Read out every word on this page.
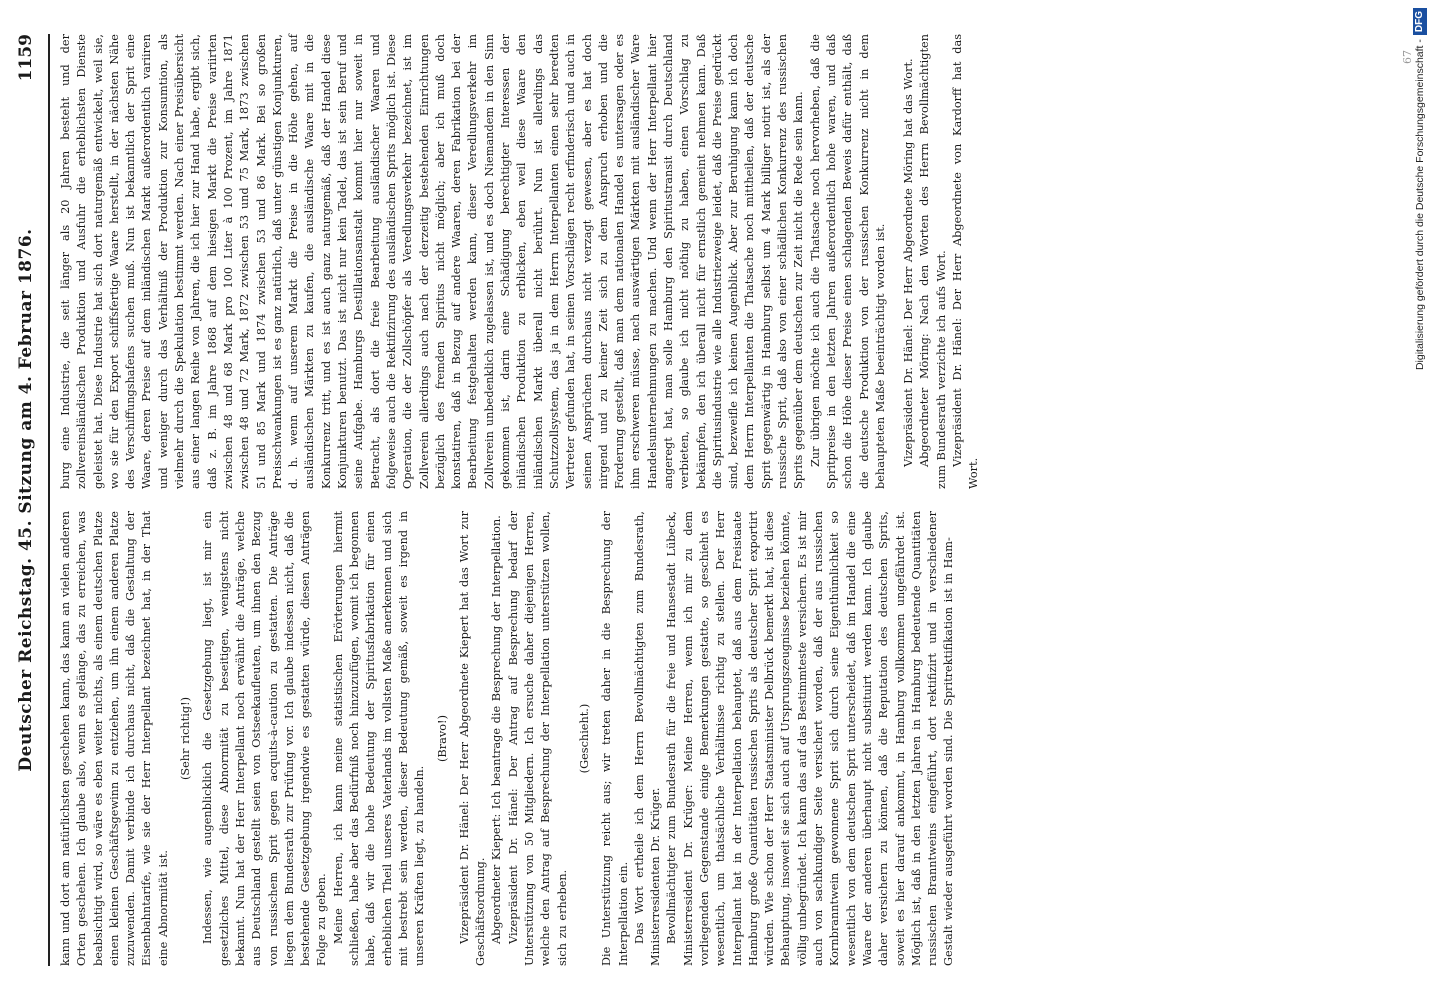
Deutscher Reichstag. 45. Sitzung am 4. Februar 1876.
1159

kann und dort am natürlichsten geschehen kann, das kann an vielen anderen Orten geschehen. Ich glaube also, wenn es gelänge, das zu erreichen, was beabsichtigt wird, so wäre es eben weiter nichts, als einem deutschen Platze einen kleinen Geschäftsgewinn zu entziehen, um ihn einem anderen Platze zuzuwenden. Damit verbinde ich durchaus nicht, daß die Gestaltung der Eisenbahntarife, wie sie der Herr Interpellant bezeichnet hat, in der That eine Abnormität ist.

(Sehr richtig!) Indessen, wie augenblicklich die Gesetzgebung liegt, ist mir ein gesetzliches Mittel, diese Abnormität zu beseitigen, wenigstens nicht bekannt. Nun hat der Herr Interpellant noch erwähnt die Anträge, welche aus Deutschland gestellt seien von Ostseekaufleuten, um ihnen den Bezug von russischem Sprit gegen acquits-à-caution zu gestatten. Die Anträge liegen dem Bundesrath zur Prüfung vor. Ich glaube indessen nicht, daß die bestehende Gesetzgebung irgendwie es gestatten würde, diesen Anträgen Folge zu geben. Meine Herren, ich kann meine statistischen Erörterungen hiermit schließen, habe aber das Bedürfniß noch hinzuzufügen, womit ich begonnen habe, daß wir die hohe Bedeutung der Spiritusfabrikation für einen erheblichen Theil unseres Vaterlands im vollsten Maße anerkennen und sich mit bestrebt sein werden, dieser Bedeutung gemäß, soweit es irgend in unseren Kräften liegt, zu handeln.

(Bravo!) Vizepräsident Dr. Hänel: Der Herr Abgeordnete Kiepert hat das Wort zur Geschäftsordnung. Abgeordneter Kiepert: Ich beantrage die Besprechung der Interpellation. Vizepräsident Dr. Hänel: Der Antrag auf Besprechung bedarf der Unterstützung von 50 Mitgliedern. Ich ersuche daher diejenigen Herren, welche den Antrag auf Besprechung der Interpellation unterstützen wollen, sich zu erheben.

(Geschieht.) Die Unterstützung reicht aus; wir treten daher in die Besprechung der Interpellation ein. Das Wort ertheile ich dem Herrn Bevollmächtigten zum Bundesrath, Ministerresidenten Dr. Krüger. Bevollmächtigter zum Bundesrath für die freie und Hansestadt Lübeck, Ministerresident Dr. Krüger: Meine Herren, wenn ich mir zu dem vorliegenden Gegenstande einige Bemerkungen gestatte, so geschieht es wesentlich, um thatsächliche Verhältnisse richtig zu stellen. Der Herr Interpellant hat in der Interpellation behauptet, daß aus dem Freistaate Hamburg große Quantitäten russischen Sprits als deutscher Sprit exportirt würden. Wie schon der Herr Staatsminister Delbrück bemerkt hat, ist diese Behauptung, insoweit sie sich auch auf Ursprungszeugnisse beziehen könnte, völlig unbegründet. Ich kann das auf das Bestimmteste versichern. Es ist mir auch von sachkundiger Seite versichert worden, daß der aus russischen Kornbranntwein gewonnene Sprit sich durch seine Eigenthümlichkeit so wesentlich von dem deutschen Sprit unterscheidet, daß im Handel die eine Waare der anderen überhaupt nicht substituirt werden kann. Ich glaube daher versichern zu können, daß die Reputation des deutschen Sprits, soweit es hier darauf ankommt, in Hamburg vollkommen ungefährdet ist. Möglich ist, daß in den letzten Jahren in Hamburg bedeutende Quantitäten russischen Branntweins eingeführt, dort rektifizirt und in verschiedener Gestalt wieder ausgeführt worden sind. Die Spritrektifikation ist in Ham-

burg eine Industrie, die seit länger als 20 Jahren besteht und der zollvereinsländischen Produktion und Ausfuhr die erheblichsten Dienste geleistet hat. Diese Industrie hat sich dort naturgemäß entwickelt, weil sie, wo sie für den Export schiffsfertige Waare herstellt, in der nächsten Nähe des Verschiffungshafens suchen muß. Nun ist bekanntlich der Sprit eine Waare, deren Preise auf dem inländischen Markt außerordentlich variiren und weniger durch das Verhältniß der Produktion zur Konsumtion, als vielmehr durch die Spekulation bestimmt werden. Nach einer Preisübersicht aus einer langen Reihe von Jahren, die ich hier zur Hand habe, ergibt sich, daß z. B. im Jahre 1868 auf dem hiesigen Markt die Preise variirten zwischen 48 und 68 Mark pro 100 Liter à 100 Prozent, im Jahre 1871 zwischen 48 und 72 Mark, 1872 zwischen 53 und 75 Mark, 1873 zwischen 51 und 85 Mark und 1874 zwischen 53 und 86 Mark. Bei so großen Preisschwankungen ist es ganz natürlich, daß unter günstigen Konjunkturen, d. h. wenn auf unserem Markt die Preise in die Höhe gehen, auf ausländischen Märkten zu kaufen, die ausländische Waare mit in die Konkurrenz tritt, und es ist auch ganz naturgemäß, daß der Handel diese Konjunkturen benutzt. Das ist nicht nur kein Tadel, das ist sein Beruf und seine Aufgabe. Hamburgs Destillationsanstalt kommt hier nur soweit in Betracht, als dort die freie Bearbeitung ausländischer Waaren und folgeweise auch die Rektifizirung des ausländischen Sprits möglich ist. Diese Operation, die der Zollschöpfer als Veredlungsverkehr bezeichnet, ist im Zollverein allerdings auch nach der derzeitig bestehenden Einrichtungen bezüglich des fremden Spiritus nicht möglich; aber ich muß doch konstatiren, daß in Bezug auf andere Waaren, deren Fabrikation bei der Bearbeitung festgehalten werden kann, dieser Veredlungsverkehr im Zollverein unbedenklich zugelassen ist, und es doch Niemandem in den Sinn gekommen ist, darin eine Schädigung berechtigter Interessen der inländischen Produktion zu erblicken, eben weil diese Waare den inländischen Markt überall nicht berührt. Nun ist allerdings das Schutzzollsystem, das ja in dem Herrn Interpellanten einen sehr beredten Vertreter gefunden hat, in seinen Vorschlägen recht erfinderisch und auch in seinen Ansprüchen durchaus nicht verzagt gewesen, aber es hat doch nirgend und zu keiner Zeit sich zu dem Anspruch erhoben und die Forderung gestellt, daß man dem nationalen Handel es untersagen oder es ihm erschweren müsse, nach auswärtigen Märkten mit ausländischer Ware Handelsunternehmungen zu machen. Und wenn der Herr Interpellant hier angeregt hat, man solle Hamburg den Spiritustransit durch Deutschland verbieten, so glaube ich nicht nöthig zu haben, einen Vorschlag zu bekämpfen, den ich überall nicht für ernstlich gemeint nehmen kann. Daß die Spiritusindustrie wie alle Industriezweige leidet, daß die Preise gedrückt sind, bezweifle ich keinen Augenblick. Aber zur Beruhigung kann ich doch dem Herrn Interpellanten die Thatsache noch mittheilen, daß der deutsche Sprit gegenwärtig in Hamburg selbst um 4 Mark billiger notirt ist, als der russische Sprit, daß also von einer schädlichen Konkurrenz des russischen Sprits gegenüber dem deutschen zur Zeit nicht die Rede sein kann. Zur übrigen möchte ich auch die Thatsache noch hervorheben, daß die Spritpreise in den letzten Jahren außerordentlich hohe waren, und daß schon die Höhe dieser Preise einen schlagenden Beweis dafür enthält, daß die deutsche Produktion von der russischen Konkurrenz nicht in dem behaupteten Maße beeinträchtigt worden ist. Vizepräsident Dr. Hänel: Der Herr Abgeordnete Möring hat das Wort. Abgeordneter Möring: Nach den Worten des Herrn Bevollmächtigten zum Bundesrath verzichte ich aufs Wort. Vizepräsident Dr. Hänel: Der Herr Abgeordnete von Kardorff hat das Wort.

67 Digitalisierung gefördert durch die Deutsche Forschungsgemeinschaft -
DFG
